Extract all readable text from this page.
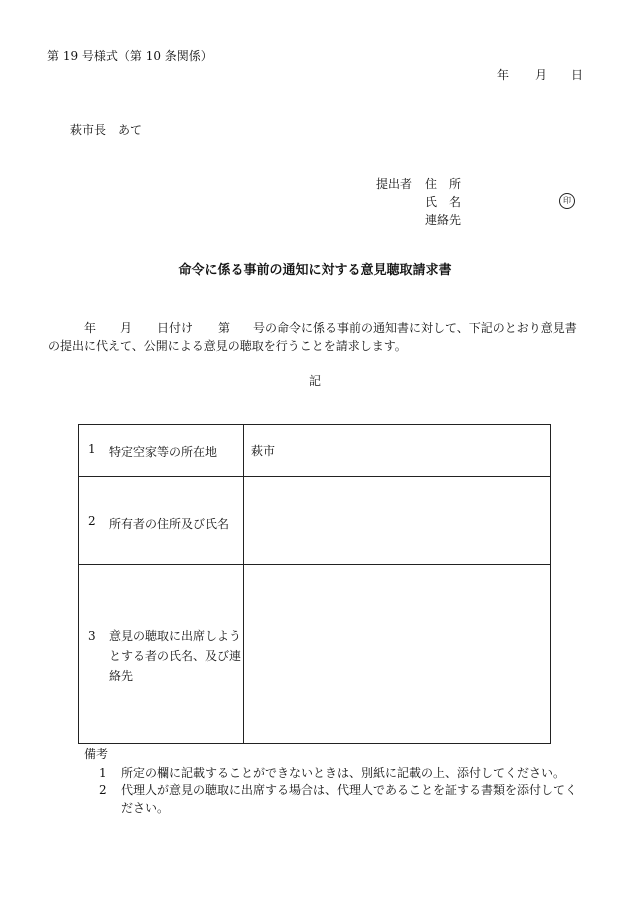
第 19 号様式（第 10 条関係）
年 月 日
萩市長　あて
提出者 住　所
氏　名	印
連絡先
命令に係る事前の通知に対する意見聴取請求書
年 月 日付け 第 号の命令に係る事前の通知書に対して、下記のとおり意見書
の提出に代えて、公開による意見の聴取を行うことを請求します。
記
1 特定空家等の所在地	萩市
2 所有者の住所及び氏名
3 意見の聴取に出席しようとする者の氏名、及び連絡先
備考
1 所定の欄に記載することができないときは、別紙に記載の上、添付してください。
2 代理人が意見の聴取に出席する場合は、代理人であることを証する書類を添付してく
ださい。
